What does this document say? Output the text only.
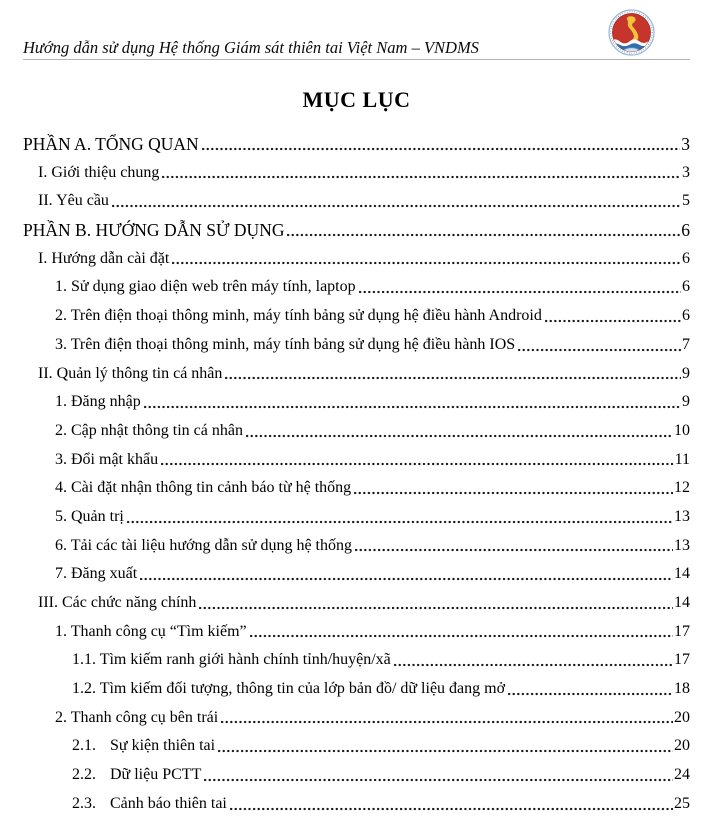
Hướng dẫn sử dụng Hệ thống Giám sát thiên tai Việt Nam – VNDMS
MỤC LỤC
PHẦN A. TỔNG QUAN	3
I. Giới thiệu chung	3
II. Yêu cầu	5
PHẦN B. HƯỚNG DẪN SỬ DỤNG	6
I. Hướng dẫn cài đặt	6
1. Sử dụng giao diện web trên máy tính, laptop	6
2. Trên điện thoại thông minh, máy tính bảng sử dụng hệ điều hành Android	6
3. Trên điện thoại thông minh, máy tính bảng sử dụng hệ điều hành IOS	7
II. Quản lý thông tin cá nhân	9
1. Đăng nhập	9
2. Cập nhật thông tin cá nhân	10
3. Đổi mật khẩu	11
4. Cài đặt nhận thông tin cảnh báo từ hệ thống	12
5. Quản trị	13
6. Tải các tài liệu hướng dẫn sử dụng hệ thống	13
7. Đăng xuất	14
III. Các chức năng chính	14
1. Thanh công cụ “Tìm kiếm”	17
1.1. Tìm kiếm ranh giới hành chính tỉnh/huyện/xã	17
1.2. Tìm kiếm đối tượng, thông tin của lớp bản đồ/ dữ liệu đang mở	18
2. Thanh công cụ bên trái	20
2.1. Sự kiện thiên tai	20
2.2. Dữ liệu PCTT	24
2.3. Cảnh báo thiên tai	25
